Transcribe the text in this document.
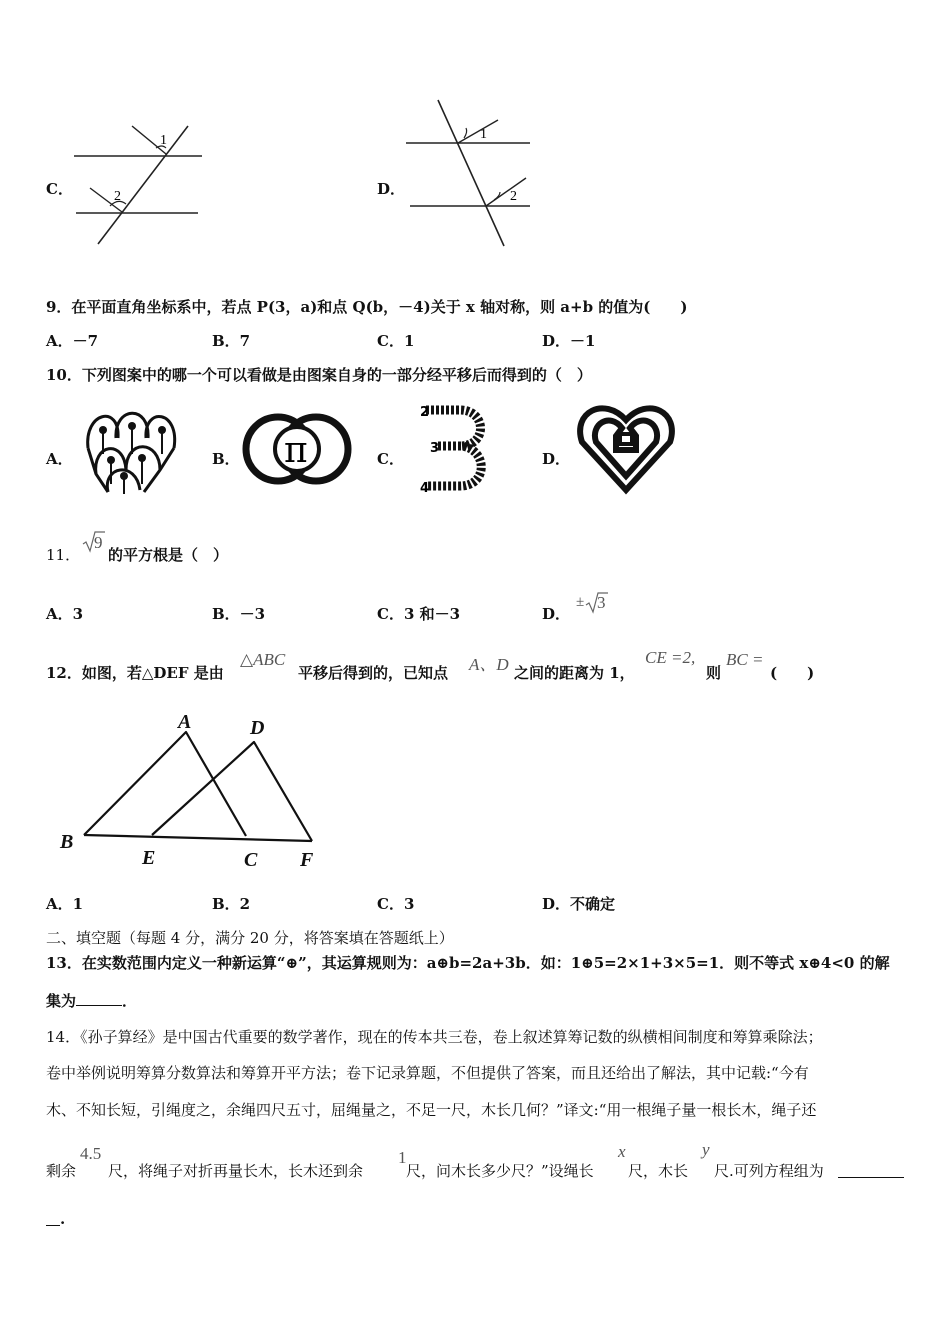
C．
1
2	D．
1
2
9．在平面直角坐标系中，若点 P(3，a)和点 Q(b，－4)关于 x 轴对称，则 a+b 的值为(　　)
A．－7	B．7	C．1	D．－1
10．下列图案中的哪一个可以看做是由图案自身的一部分经平移后而得到的（　）
A．	B． π	C．
2
3
4
D．
11．
9
的平方根是（　）
A．3	B．－3	C．3 和－3	D．
± 3
12．如图，若△DEF 是由
△ABC
平移后得到的，已知点 A、D 之间的距离为 1，
CE =2,
则
BC =
(　　)
A	D
B
E	C F
A．1	B．2	C．3	D．不确定
二、填空题（每题 4 分，满分 20 分，将答案填在答题纸上）
13．在实数范围内定义一种新运算“⊕”，其运算规则为：a⊕b=2a+3b．如：1⊕5=2×1+3×5=1．则不等式 x⊕4<0 的解
集为	．
14．《孙子算经》是中国古代重要的数学著作，现在的传本共三卷，卷上叙述算筹记数的纵横相间制度和筹算乘除法；
卷中举例说明筹算分数算法和筹算开平方法；卷下记录算题，不但提供了答案，而且还给出了解法，其中记载:“今有
木、不知长短，引绳度之，余绳四尺五寸，屈绳量之，不足一尺，木长几何？”译文:“用一根绳子量一根长木，绳子还
剩余
4.5
尺，将绳子对折再量长木，长木还到余
1
尺，问木长多少尺？”设绳长
x
尺，木长
y
尺.可列方程组为
.
